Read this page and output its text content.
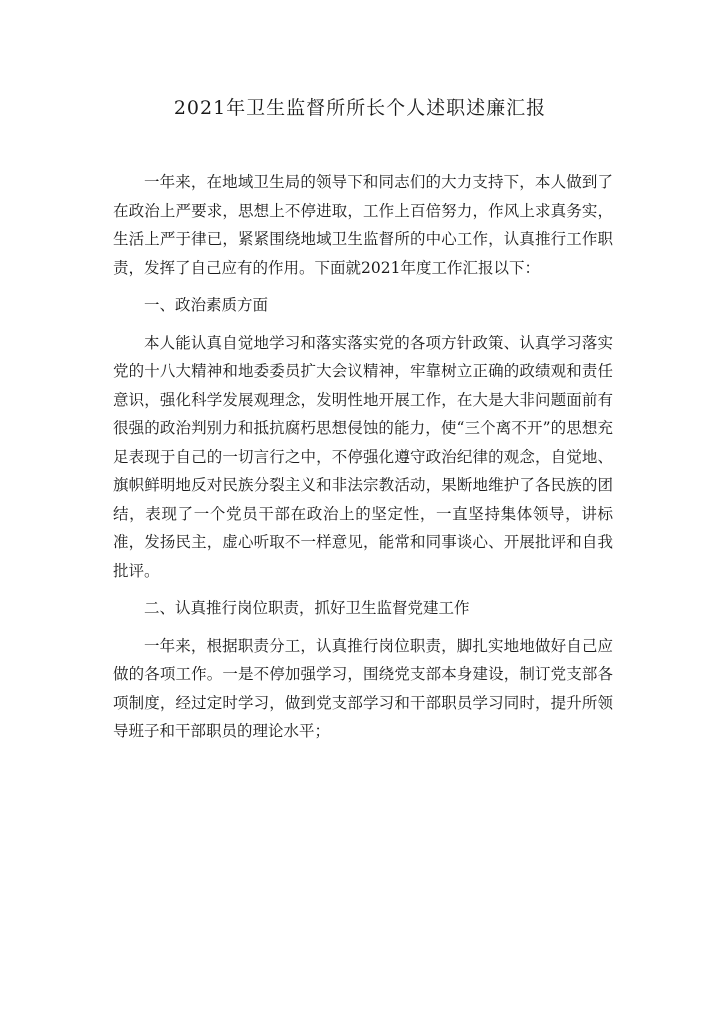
2021年卫生监督所所长个人述职述廉汇报

一年来，在地域卫生局的领导下和同志们的大力支持下，本人做到了在政治上严要求，思想上不停进取，工作上百倍努力，作风上求真务实，生活上严于律已，紧紧围绕地域卫生监督所的中心工作，认真推行工作职责，发挥了自己应有的作用。下面就2021年度工作汇报以下：

一、政治素质方面

本人能认真自觉地学习和落实落实党的各项方针政策、认真学习落实党的十八大精神和地委委员扩大会议精神，牢靠树立正确的政绩观和责任意识，强化科学发展观理念，发明性地开展工作，在大是大非问题面前有很强的政治判别力和抵抗腐朽思想侵蚀的能力，使“三个离不开”的思想充足表现于自己的一切言行之中，不停强化遵守政治纪律的观念，自觉地、旗帜鲜明地反对民族分裂主义和非法宗教活动，果断地维护了各民族的团结，表现了一个党员干部在政治上的坚定性，一直坚持集体领导，讲标准，发扬民主，虚心听取不一样意见，能常和同事谈心、开展批评和自我批评。

二、认真推行岗位职责，抓好卫生监督党建工作

一年来，根据职责分工，认真推行岗位职责，脚扎实地地做好自己应做的各项工作。一是不停加强学习，围绕党支部本身建设，制订党支部各项制度，经过定时学习，做到党支部学习和干部职员学习同时，提升所领导班子和干部职员的理论水平；
